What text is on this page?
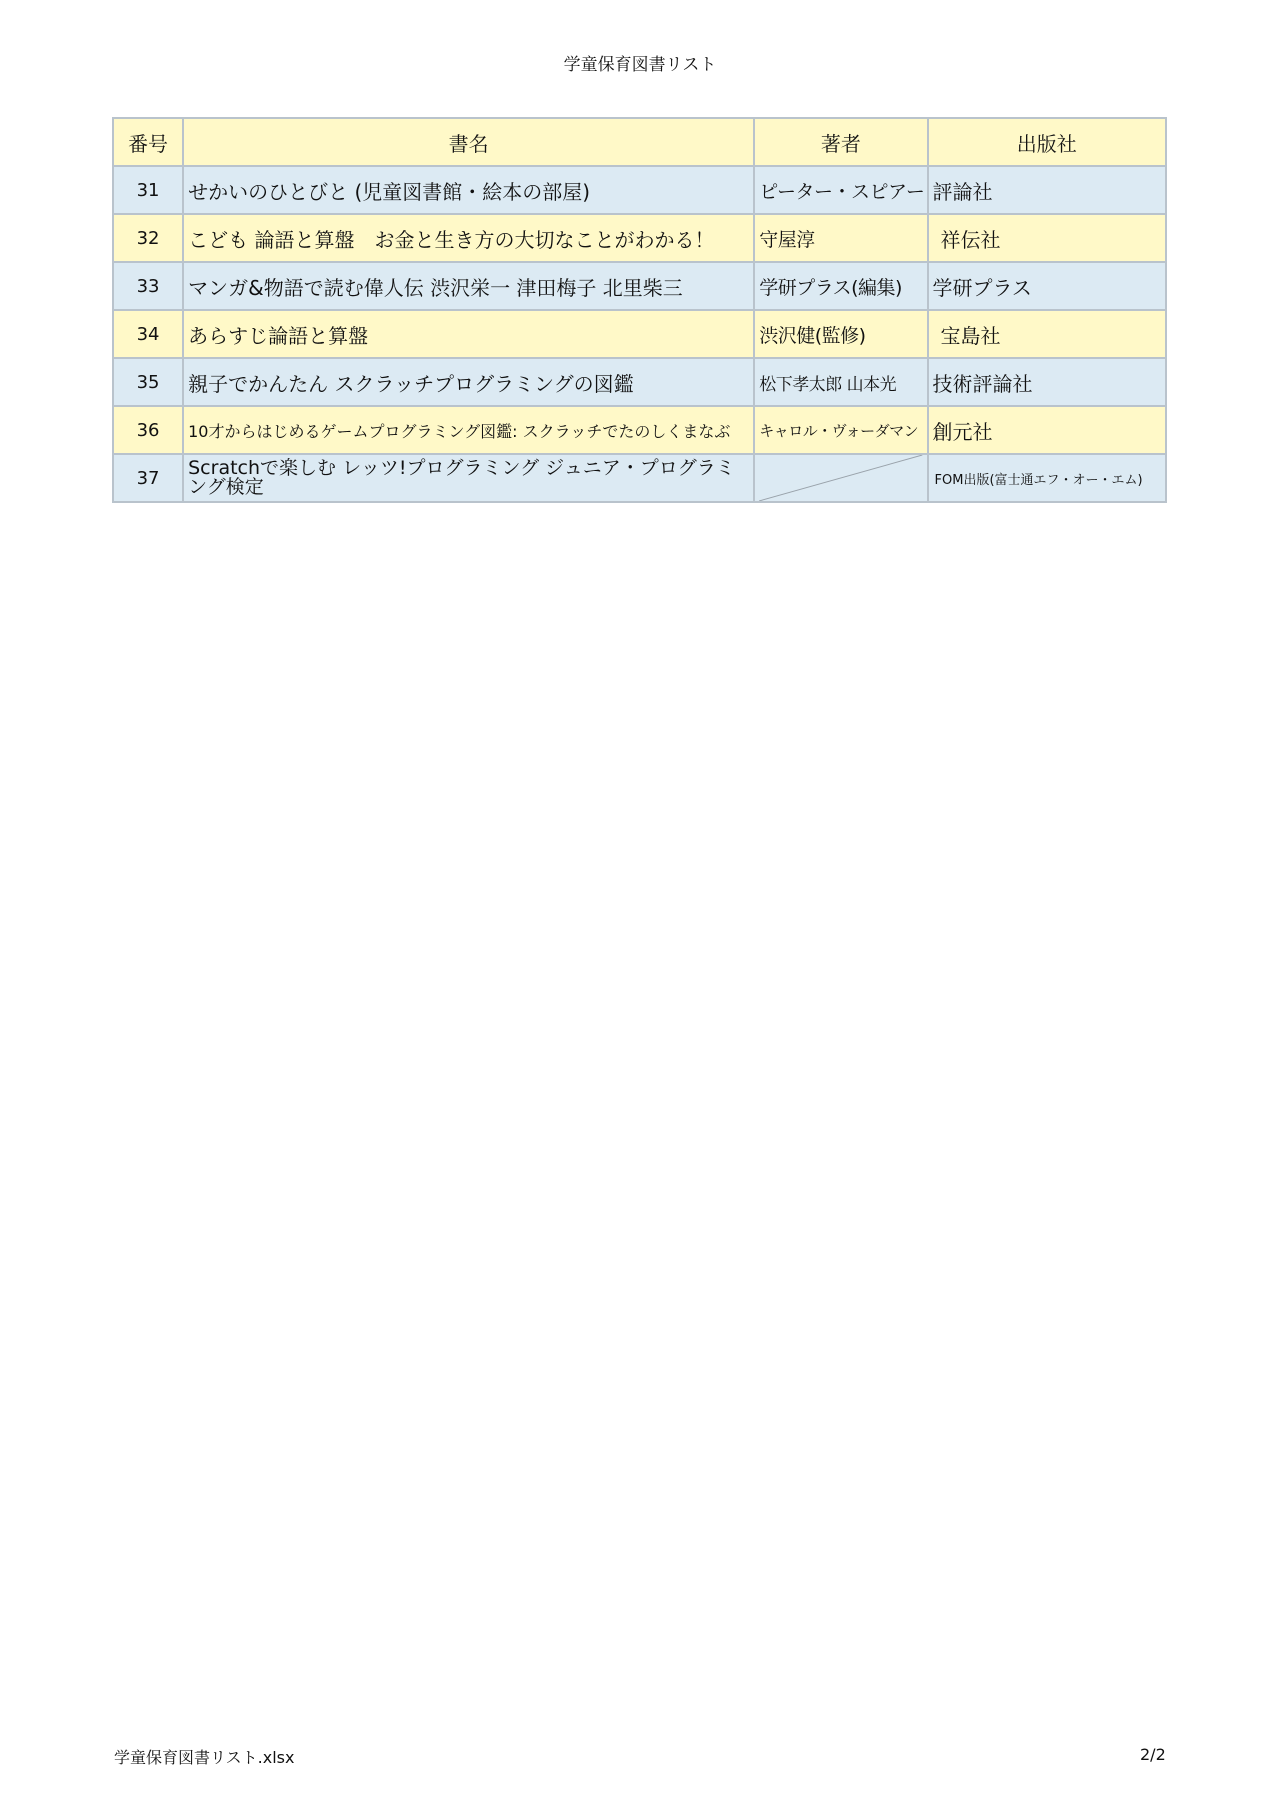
学童保育図書リスト
番号	書名	著者	出版社
31	せかいのひとびと (児童図書館・絵本の部屋)	ピーター・スピアー	評論社
32	こども 論語と算盤　お金と生き方の大切なことがわかる！	守屋淳	祥伝社
33	マンガ&物語で読む偉人伝 渋沢栄一 津田梅子 北里柴三	学研プラス(編集)	学研プラス
34	あらすじ論語と算盤	渋沢健(監修)	宝島社
35	親子でかんたん スクラッチプログラミングの図鑑	松下孝太郎 山本光	技術評論社
36	10才からはじめるゲームプログラミング図鑑: スクラッチでたのしくまなぶ	キャロル・ヴォーダマン	創元社
37	Scratchで楽しむ レッツ!プログラミング ジュニア・プログラミング検定		FOM出版(富士通エフ・オー・エム)
学童保育図書リスト.xlsx	2/2
